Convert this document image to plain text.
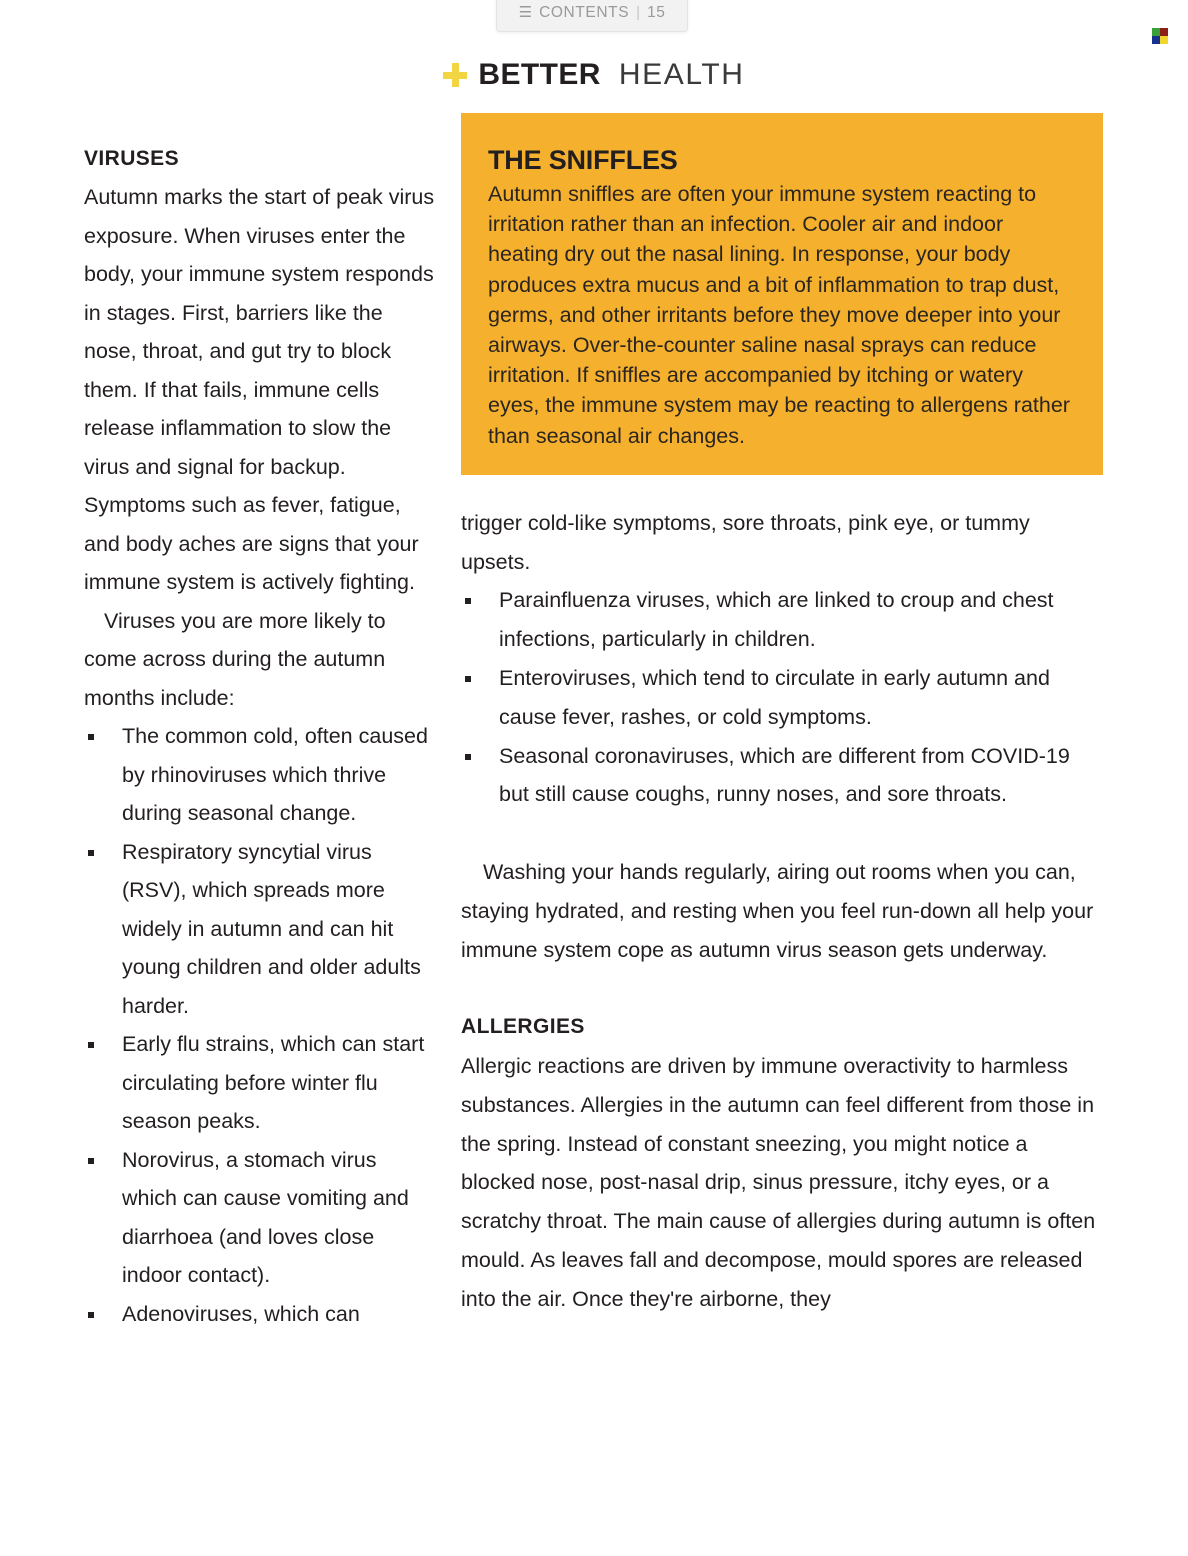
☰ CONTENTS | 15
BETTER HEALTH
VIRUSES

Autumn marks the start of peak virus exposure. When viruses enter the body, your immune system responds in stages. First, barriers like the nose, throat, and gut try to block them. If that fails, immune cells release inflammation to slow the virus and signal for backup. Symptoms such as fever, fatigue, and body aches are signs that your immune system is actively fighting.

Viruses you are more likely to come across during the autumn months include:

The common cold, often caused by rhinoviruses which thrive during seasonal change.
Respiratory syncytial virus (RSV), which spreads more widely in autumn and can hit young children and older adults harder.
Early flu strains, which can start circulating before winter flu season peaks.
Norovirus, a stomach virus which can cause vomiting and diarrhoea (and loves close indoor contact).
Adenoviruses, which can
THE SNIFFLES

Autumn sniffles are often your immune system reacting to irritation rather than an infection. Cooler air and indoor heating dry out the nasal lining. In response, your body produces extra mucus and a bit of inflammation to trap dust, germs, and other irritants before they move deeper into your airways. Over-the-counter saline nasal sprays can reduce irritation. If sniffles are accompanied by itching or watery eyes, the immune system may be reacting to allergens rather than seasonal air changes.

trigger cold-like symptoms, sore throats, pink eye, or tummy upsets.

Parainfluenza viruses, which are linked to croup and chest infections, particularly in children.
Enteroviruses, which tend to circulate in early autumn and cause fever, rashes, or cold symptoms.
Seasonal coronaviruses, which are different from COVID-19 but still cause coughs, runny noses, and sore throats.

Washing your hands regularly, airing out rooms when you can, staying hydrated, and resting when you feel run-down all help your immune system cope as autumn virus season gets underway.

ALLERGIES

Allergic reactions are driven by immune overactivity to harmless substances. Allergies in the autumn can feel different from those in the spring. Instead of constant sneezing, you might notice a blocked nose, post-nasal drip, sinus pressure, itchy eyes, or a scratchy throat. The main cause of allergies during autumn is often mould. As leaves fall and decompose, mould spores are released into the air. Once they're airborne, they
